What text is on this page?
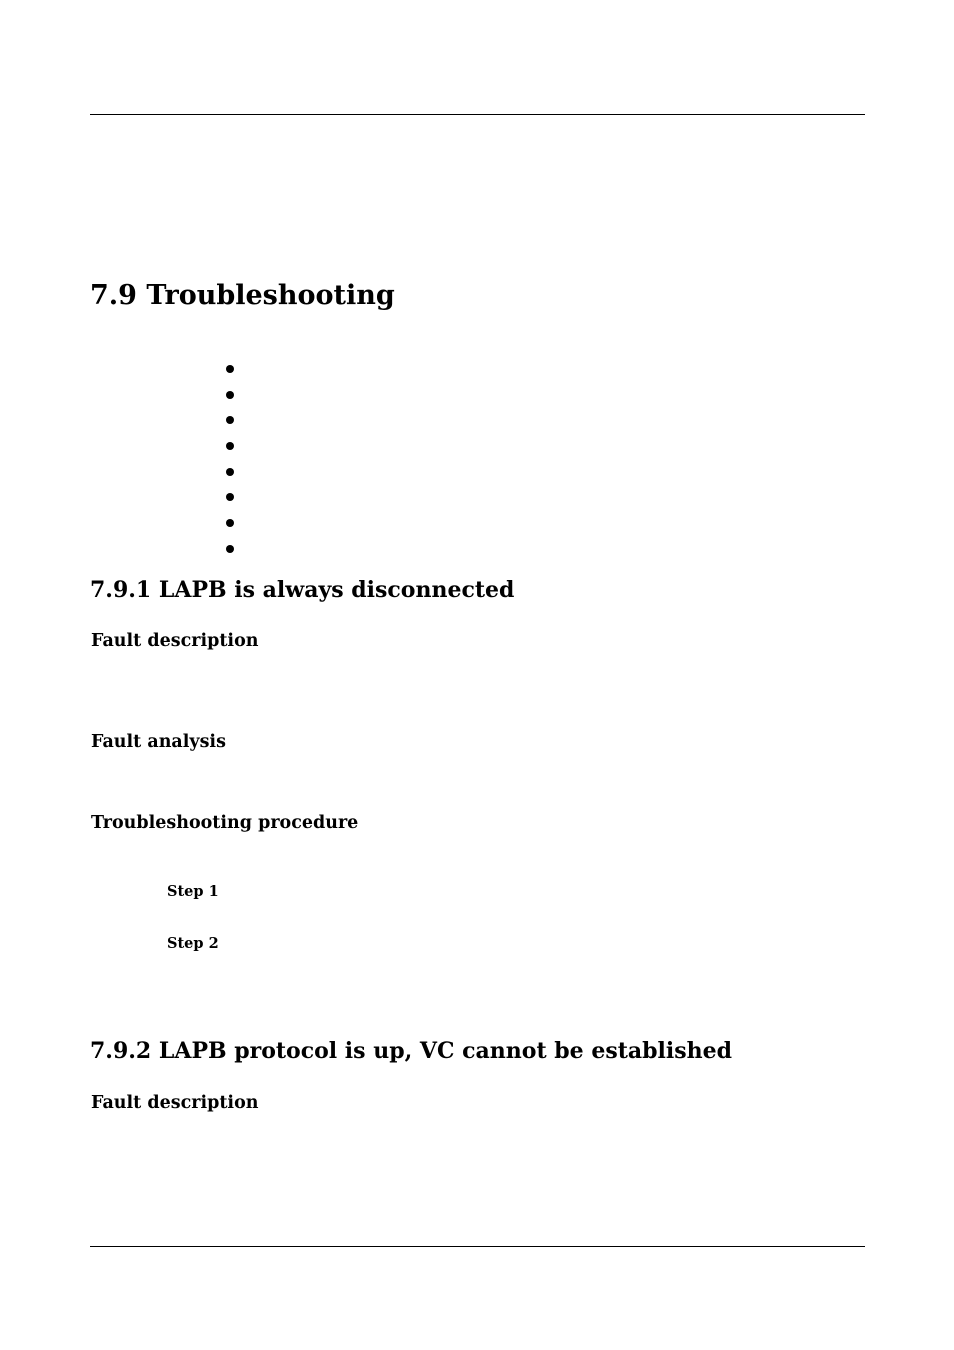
7.9 Troubleshooting
7.9.1 LAPB is always disconnected
Fault description
Fault analysis
Troubleshooting procedure
Step 1
Step 2
7.9.2 LAPB protocol is up, VC cannot be established
Fault description
